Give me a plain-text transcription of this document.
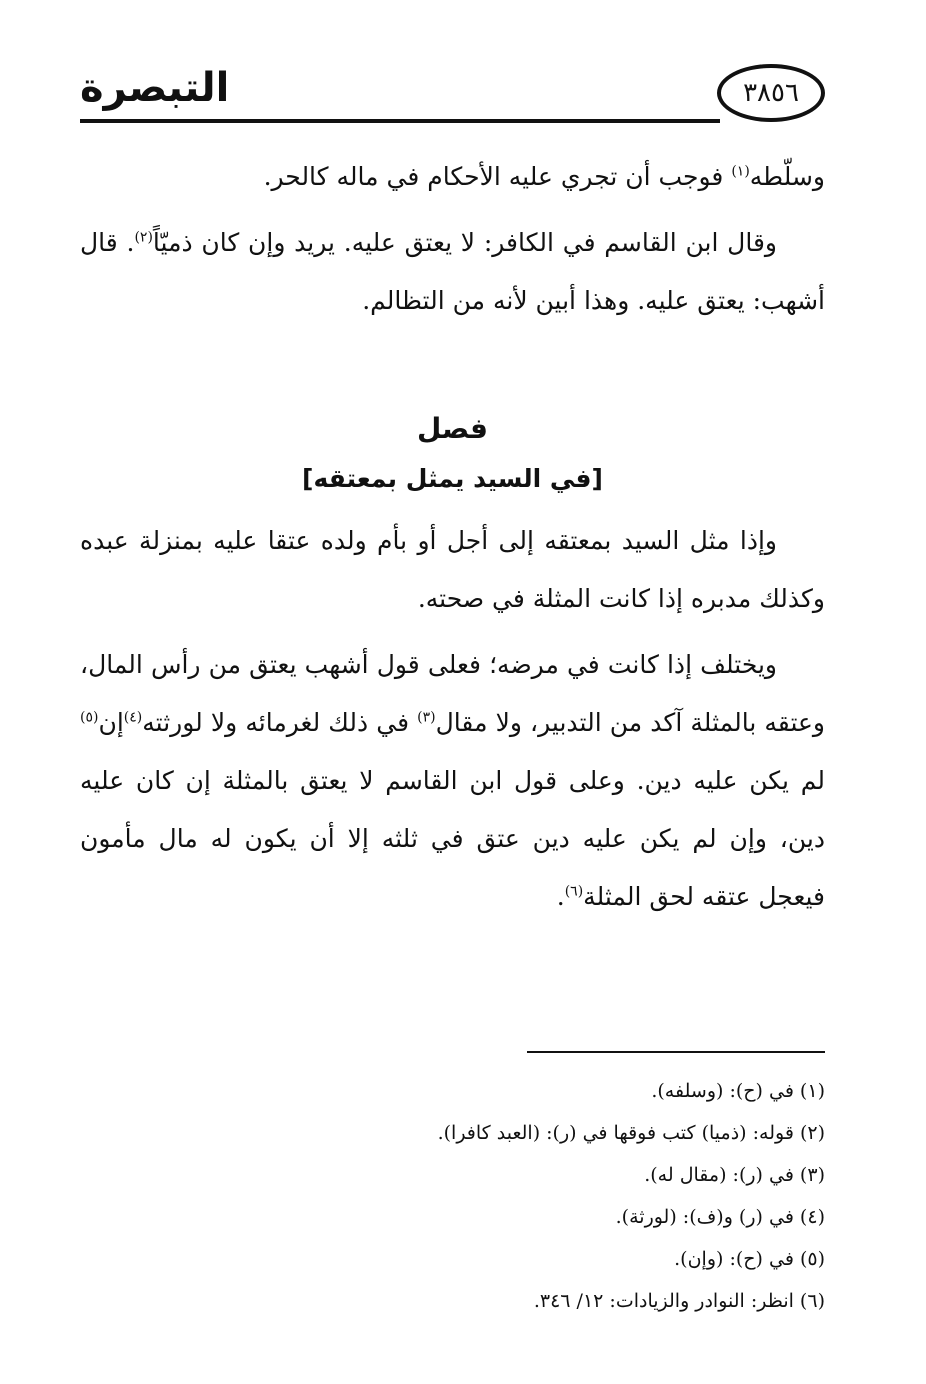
التبصرة	٣٨٥٦

وسلّطه$^{(١)}$ فوجب أن تجري عليه الأحكام في ماله كالحر.

وقال ابن القاسم في الكافر: لا يعتق عليه. يريد وإن كان ذميّاً$^{(٢)}$. قال أشهب: يعتق عليه. وهذا أبين لأنه من التظالم.

فصل
[في السيد يمثل بمعتقه]

وإذا مثل السيد بمعتقه إلى أجل أو بأم ولده عتقا عليه بمنزلة عبده وكذلك مدبره إذا كانت المثلة في صحته.

ويختلف إذا كانت في مرضه؛ فعلى قول أشهب يعتق من رأس المال، وعتقه بالمثلة آكد من التدبير، ولا مقال$^{(٣)}$ في ذلك لغرمائه ولا لورثته$^{(٤)}$إن$^{(٥)}$ لم يكن عليه دين. وعلى قول ابن القاسم لا يعتق بالمثلة إن كان عليه دين، وإن لم يكن عليه دين عتق في ثلثه إلا أن يكون له مال مأمون فيعجل عتقه لحق المثلة$^{(٦)}$.

(١) في (ح): (وسلفه).
(٢) قوله: (ذميا) كتب فوقها في (ر): (العبد كافرا).
(٣) في (ر): (مقال له).
(٤) في (ر) و(ف): (لورثة).
(٥) في (ح): (وإن).
(٦) انظر: النوادر والزيادات: ١٢/ ٣٤٦.
